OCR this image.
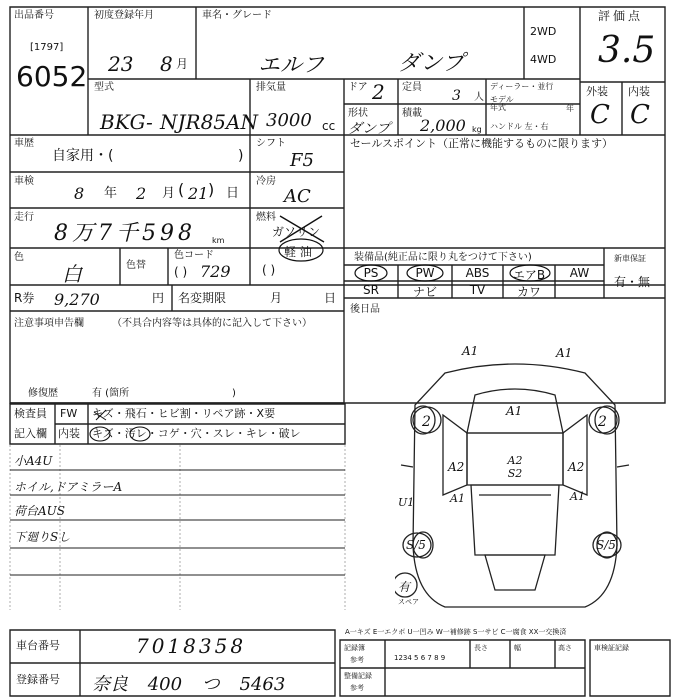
出品番号
[1797]
6052
初度登録年月
23 8 月
車名・グレード
エルフ	ダンプ
2WD
4WD
評価点
3.5
型式
BKG- NJR85AN
排気量
3000 cc
ドア 2 定員
3 人
形状
ダンプ
積載
2,000 kg
ディーラー・並行
モデル
年式	年
ハンドル 左・右
外装 内装
C C
車歴
自家用・(	)
シフト
F5
セールスポイント（正常に機能するものに限ります）
車検
8 年 2 月 ( 21 ) 日
冷房
AC
燃料
ガソリン
軽 油
( )
走行
8万7千598 km
色
白	色替
色コード
729
( )
装備品(純正品に限り丸をつけて下さい)	新車保証
有・無
PS	PW	ABS	エアB	AW
SR	ナビ	TV	カワ
R券 9,270	円 名変期限	月	日
後日品
注意事項申告欄	（不具合内容等は具体的に記入して下さい）
修復歴	有 (箇所	)
検査員
記入欄
FW キズ・飛石・ヒビ割・リペア跡・X要
内装 キズ・汚レ・コゲ・穴・スレ・キレ・破レ
小A4U
ホイル,ドアミラーA
荷台AUS
下廻りSし
A1	A1
A1
2	2
A2	A2
A2 S2
U1	A1	A1
S/5	S/5
有
スペア
A一キズ E一エクボ U一凹み W一補修跡 S一サビ C一腐食 XX一交換済
車台番号	7018358
登録番号 奈良 400 つ 5463
記録簿
参考
整備記録
参考
長さ	幅	高さ
1234 5 6 7 8 9
車検証記録
